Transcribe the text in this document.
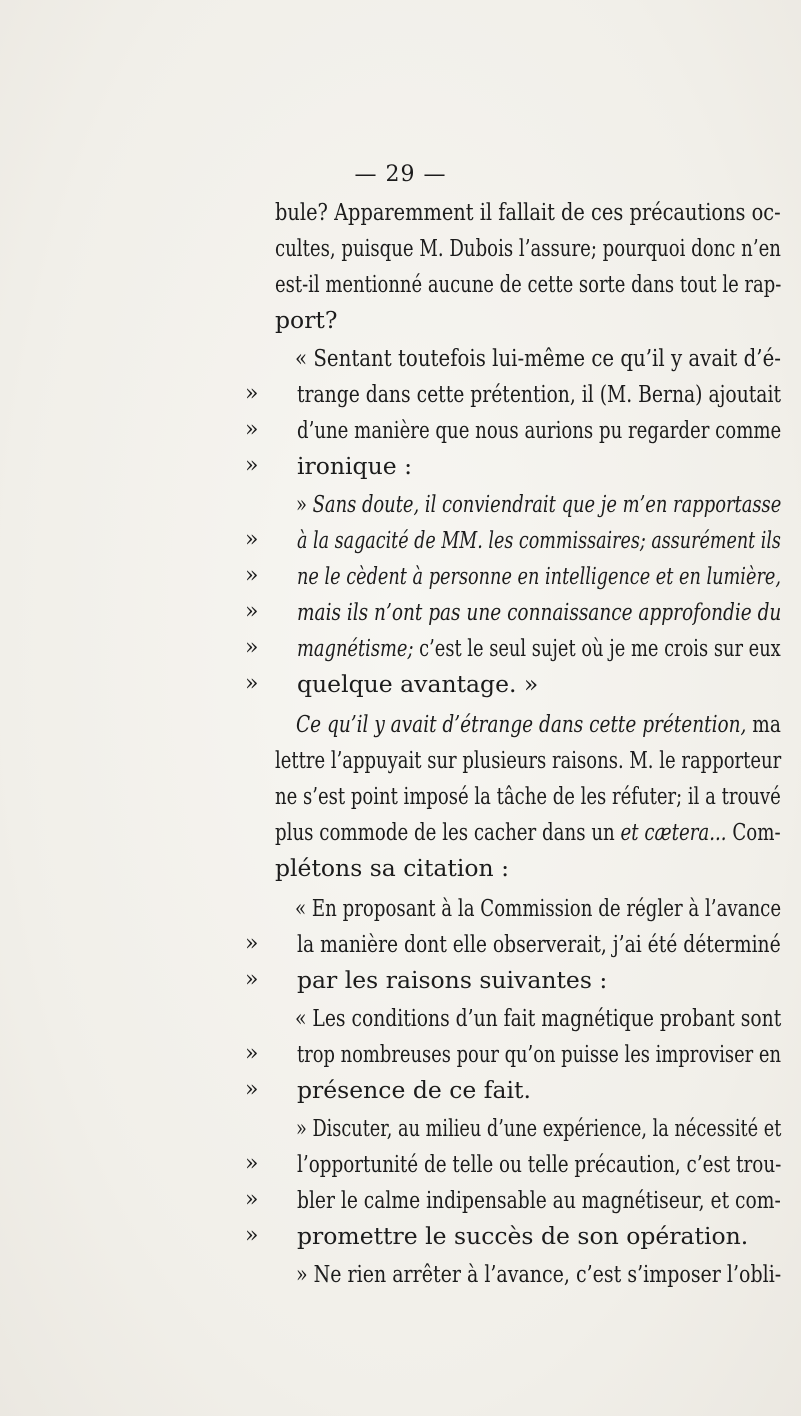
— 29 —
bule? Apparemment il fallait de ces précautions oc-
cultes, puisque M. Dubois l’assure; pourquoi donc n’en
est-il mentionné aucune de cette sorte dans tout le rap-
port?
« Sentant toutefois lui-même ce qu’il y avait d’é-
» trange dans cette prétention, il (M. Berna) ajoutait
» d’une manière que nous aurions pu regarder comme
» ironique :
» Sans doute, il conviendrait que je m’en rapportasse
» à la sagacité de MM. les commissaires; assurément ils
» ne le cèdent à personne en intelligence et en lumière,
» mais ils n’ont pas une connaissance approfondie du
» magnétisme; c’est le seul sujet où je me crois sur eux
» quelque avantage. »
Ce qu’il y avait d’étrange dans cette prétention, ma
lettre l’appuyait sur plusieurs raisons. M. le rapporteur
ne s’est point imposé la tâche de les réfuter; il a trouvé
plus commode de les cacher dans un et cætera... Com-
plétons sa citation :
« En proposant à la Commission de régler à l’avance
» la manière dont elle observerait, j’ai été déterminé
» par les raisons suivantes :
« Les conditions d’un fait magnétique probant sont
» trop nombreuses pour qu’on puisse les improviser en
» présence de ce fait.
» Discuter, au milieu d’une expérience, la nécessité et
» l’opportunité de telle ou telle précaution, c’est trou-
» bler le calme indipensable au magnétiseur, et com-
» promettre le succès de son opération.
» Ne rien arrêter à l’avance, c’est s’imposer l’obli-
